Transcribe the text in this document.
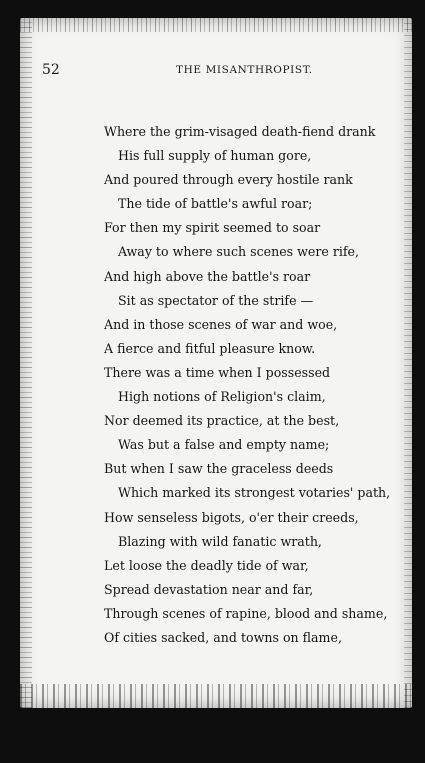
52	THE MISANTHROPIST.
Where the grim-visaged death-fiend drank
His full supply of human gore,
And poured through every hostile rank
The tide of battle's awful roar;
For then my spirit seemed to soar
Away to where such scenes were rife,
And high above the battle's roar
Sit as spectator of the strife —
And in those scenes of war and woe,
A fierce and fitful pleasure know.
There was a time when I possessed
High notions of Religion's claim,
Nor deemed its practice, at the best,
Was but a false and empty name;
But when I saw the graceless deeds
Which marked its strongest votaries' path,
How senseless bigots, o'er their creeds,
Blazing with wild fanatic wrath,
Let loose the deadly tide of war,
Spread devastation near and far,
Through scenes of rapine, blood and shame,
Of cities sacked, and towns on flame,
